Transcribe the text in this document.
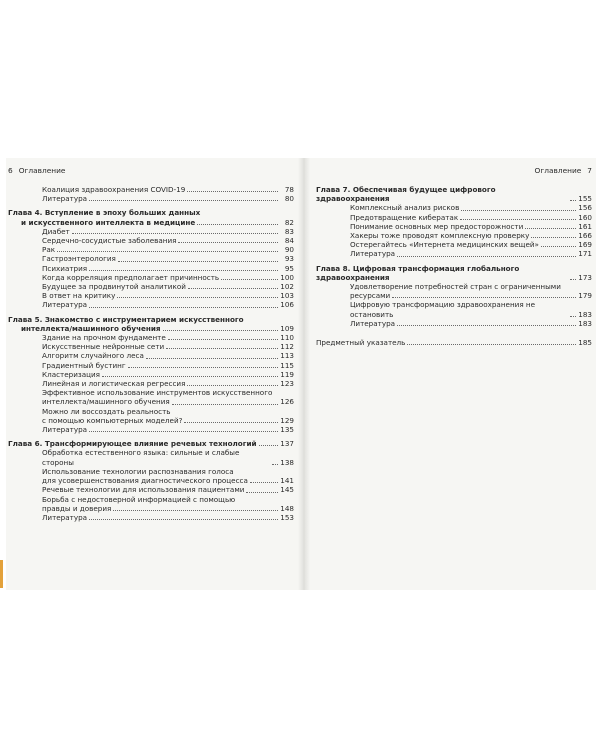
6 Оглавление
Коалиция здравоохранения COVID-19	78
Литература	80
Глава 4. Вступление в эпоху больших данных
и искусственного интеллекта в медицине	82
Диабет	83
Сердечно-сосудистые заболевания	84
Рак	90
Гастроэнтерология	93
Психиатрия	95
Когда корреляция предполагает причинность	100
Будущее за продвинутой аналитикой	102
В ответ на критику	103
Литература	106
Глава 5. Знакомство с инструментарием искусственного
интеллекта/машинного обучения	109
Здание на прочном фундаменте	110
Искусственные нейронные сети	112
Алгоритм случайного леса	113
Градиентный бустинг	115
Кластеризация	119
Линейная и логистическая регрессия	123
Эффективное использование инструментов искусственного
интеллекта/машинного обучения	126
Можно ли воссоздать реальность
с помощью компьютерных моделей?	129
Литература	135
Глава 6. Трансформирующее влияние речевых технологий	137
Обработка естественного языка: сильные и слабые стороны	138
Использование технологии распознавания голоса
для усовершенствования диагностического процесса	141
Речевые технологии для использования пациентами	145
Борьба с недостоверной информацией с помощью
правды и доверия	148
Литература	153
Оглавление 7
Глава 7. Обеспечивая будущее цифрового здравоохранения	155
Комплексный анализ рисков	156
Предотвращение кибератак	160
Понимание основных мер предосторожности	161
Хакеры тоже проводят комплексную проверку	166
Остерегайтесь «Интернета медицинских вещей»	169
Литература	171
Глава 8. Цифровая трансформация глобального здравоохранения	173
Удовлетворение потребностей стран с ограниченными
ресурсами	179
Цифровую трансформацию здравоохранения не остановить	183
Литература	183
Предметный указатель	185
